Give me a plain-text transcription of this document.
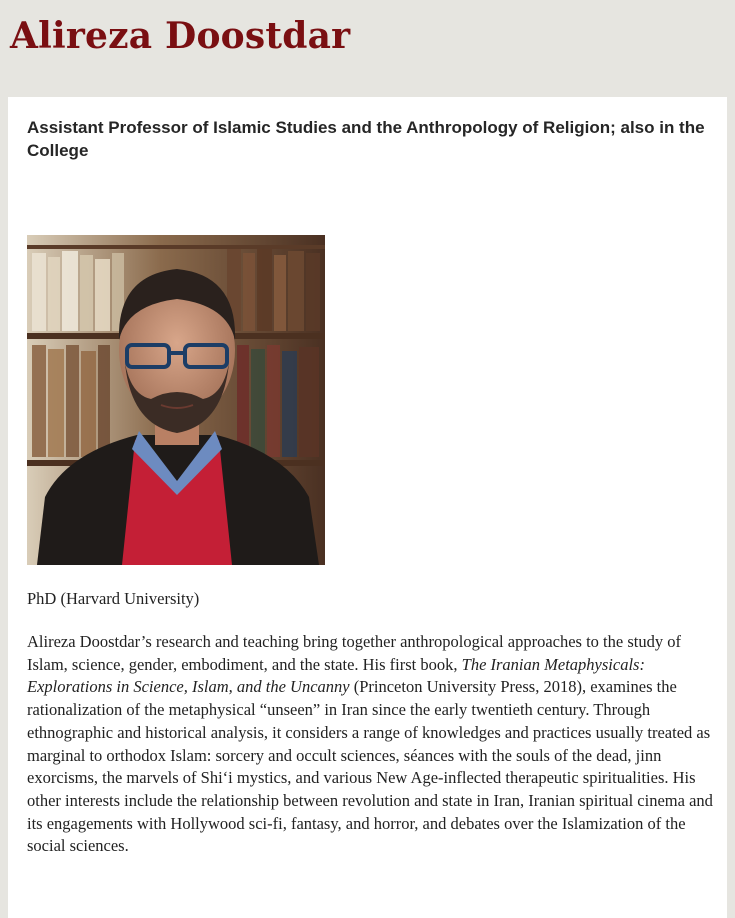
Alireza Doostdar
Assistant Professor of Islamic Studies and the Anthropology of Religion; also in the College

PhD (Harvard University)

Alireza Doostdar’s research and teaching bring together anthropological approaches to the study of Islam, science, gender, embodiment, and the state. His first book, The Iranian Metaphysicals: Explorations in Science, Islam, and the Uncanny (Princeton University Press, 2018), examines the rationalization of the metaphysical “unseen” in Iran since the early twentieth century. Through ethnographic and historical analysis, it considers a range of knowledges and practices usually treated as marginal to orthodox Islam: sorcery and occult sciences, séances with the souls of the dead, jinn exorcisms, the marvels of Shi‘i mystics, and various New Age-inflected therapeutic spiritualities. His other interests include the relationship between revolution and state in Iran, Iranian spiritual cinema and its engagements with Hollywood sci-fi, fantasy, and horror, and debates over the Islamization of the social sciences.
